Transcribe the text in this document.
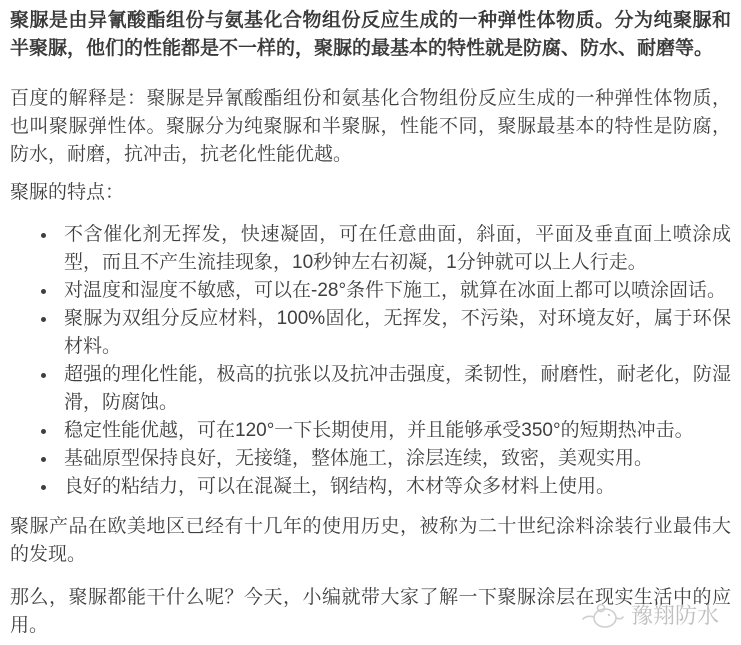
聚脲是由异氰酸酯组份与氨基化合物组份反应生成的一种弹性体物质。分为纯聚脲和半聚脲，他们的性能都是不一样的，聚脲的最基本的特性就是防腐、防水、耐磨等。

百度的解释是：聚脲是异氰酸酯组份和氨基化合物组份反应生成的一种弹性体物质，也叫聚脲弹性体。聚脲分为纯聚脲和半聚脲，性能不同，聚脲最基本的特性是防腐，防水，耐磨，抗冲击，抗老化性能优越。

聚脲的特点：

• 不含催化剂无挥发，快速凝固，可在任意曲面，斜面，平面及垂直面上喷涂成型，而且不产生流挂现象，10秒钟左右初凝，1分钟就可以上人行走。
• 对温度和湿度不敏感，可以在-28°条件下施工，就算在冰面上都可以喷涂固话。
• 聚脲为双组分反应材料，100%固化，无挥发，不污染，对环境友好，属于环保材料。
• 超强的理化性能，极高的抗张以及抗冲击强度，柔韧性，耐磨性，耐老化，防湿滑，防腐蚀。
• 稳定性能优越，可在120°一下长期使用，并且能够承受350°的短期热冲击。
• 基础原型保持良好，无接缝，整体施工，涂层连续，致密，美观实用。
• 良好的粘结力，可以在混凝土，钢结构，木材等众多材料上使用。

聚脲产品在欧美地区已经有十几年的使用历史，被称为二十世纪涂料涂装行业最伟大的发现。

那么，聚脲都能干什么呢？今天，小编就带大家了解一下聚脲涂层在现实生活中的应用。	豫翔防水
